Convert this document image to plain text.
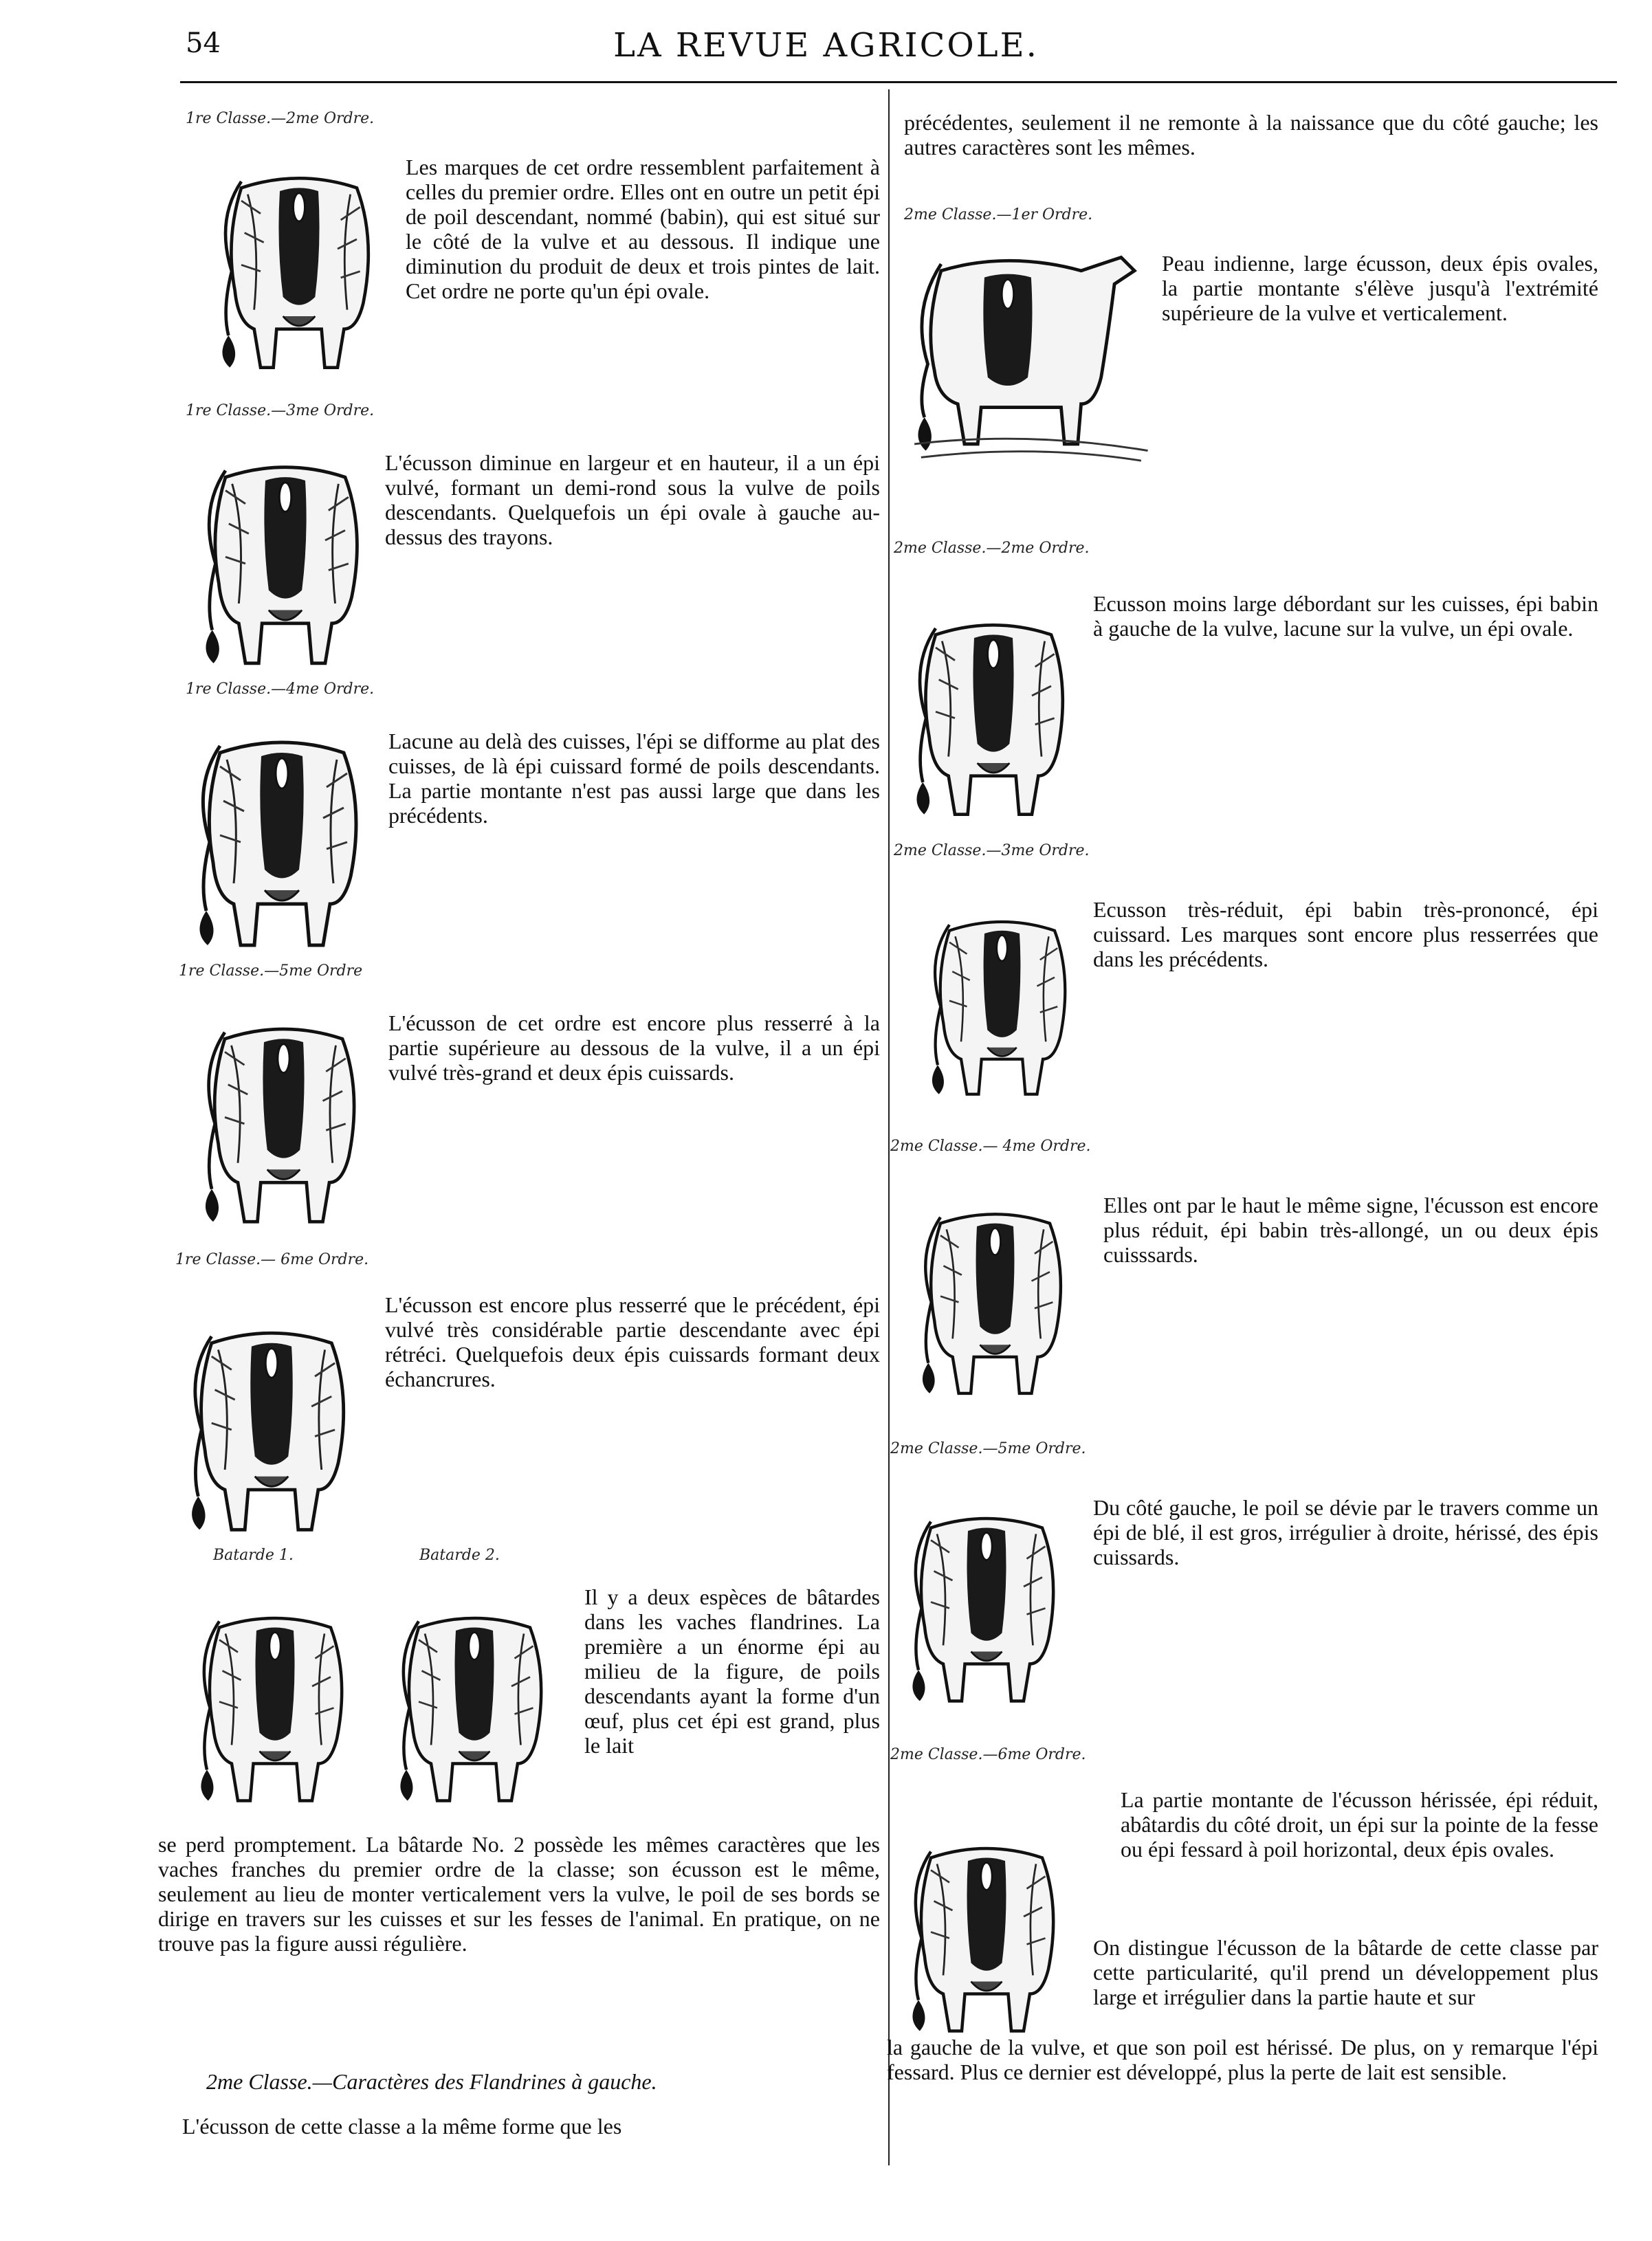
54	LA REVUE AGRICOLE.
1re Classe.—2me Ordre.
Les marques de cet ordre ressemblent parfaitement à celles du premier ordre. Elles ont en outre un petit épi de poil descendant, nommé (babin), qui est situé sur le côté de la vulve et au dessous. Il indique une diminution du produit de deux et trois pintes de lait. Cet ordre ne porte qu'un épi ovale.
1re Classe.—3me Ordre.
L'écusson diminue en largeur et en hauteur, il a un épi vulvé, formant un demi-rond sous la vulve de poils descendants. Quelquefois un épi ovale à gauche au-dessus des trayons.
1re Classe.—4me Ordre.
Lacune au delà des cuisses, l'épi se difforme au plat des cuisses, de là épi cuissard formé de poils descendants. La partie montante n'est pas aussi large que dans les précédents.
1re Classe.—5me Ordre
L'écusson de cet ordre est encore plus resserré à la partie supérieure au dessous de la vulve, il a un épi vulvé très-grand et deux épis cuissards.
1re Classe.— 6me Ordre.
L'écusson est encore plus resserré que le précédent, épi vulvé très considérable partie descendante avec épi rétréci. Quelquefois deux épis cuissards formant deux échancrures.
Batarde 1.	Batarde 2.
Il y a deux espèces de bâtardes dans les vaches flandrines. La première a un énorme épi au milieu de la figure, de poils descendants ayant la forme d'un œuf, plus cet épi est grand, plus le lait
se perd promptement. La bâtarde No. 2 possède les mêmes caractères que les vaches franches du premier ordre de la classe; son écusson est le même, seulement au lieu de monter verticalement vers la vulve, le poil de ses bords se dirige en travers sur les cuisses et sur les fesses de l'animal. En pratique, on ne trouve pas la figure aussi régulière.
2me Classe.—Caractères des Flandrines à gauche.
L'écusson de cette classe a la même forme que les
précédentes, seulement il ne remonte à la naissance que du côté gauche; les autres caractères sont les mêmes.
2me Classe.—1er Ordre.
Peau indienne, large écusson, deux épis ovales, la partie montante s'élève jusqu'à l'extrémité supérieure de la vulve et verticalement.
2me Classe.—2me Ordre.
Ecusson moins large débordant sur les cuisses, épi babin à gauche de la vulve, lacune sur la vulve, un épi ovale.
2me Classe.—3me Ordre.
Ecusson très-réduit, épi babin très-prononcé, épi cuissard. Les marques sont encore plus resserrées que dans les précédents.
2me Classe.— 4me Ordre.
Elles ont par le haut le même signe, l'écusson est encore plus réduit, épi babin très-allongé, un ou deux épis cuisssards.
2me Classe.—5me Ordre.
Du côté gauche, le poil se dévie par le travers comme un épi de blé, il est gros, irrégulier à droite, hérissé, des épis cuissards.
2me Classe.—6me Ordre.
La partie montante de l'écusson hérissée, épi réduit, abâtardis du côté droit, un épi sur la pointe de la fesse ou épi fessard à poil horizontal, deux épis ovales.
On distingue l'écusson de la bâtarde de cette classe par cette particularité, qu'il prend un développement plus large et irrégulier dans la partie haute et sur
la gauche de la vulve, et que son poil est hérissé. De plus, on y remarque l'épi fessard. Plus ce dernier est développé, plus la perte de lait est sensible.
